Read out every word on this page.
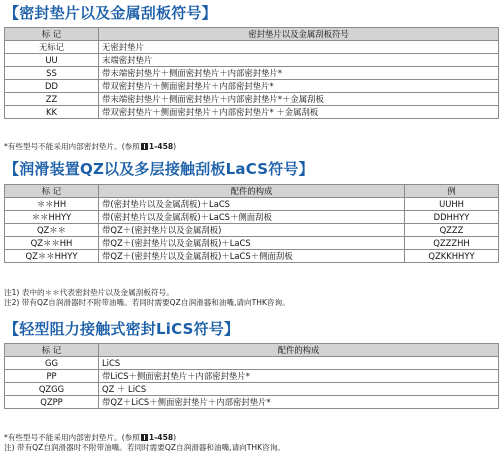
【密封垫片以及金属刮板符号】
标 记	密封垫片以及金属刮板符号
无标记	无密封垫片
UU	末端密封垫片
SS	带末端密封垫片＋侧面密封垫片＋内部密封垫片*
DD	带双密封垫片＋侧面密封垫片＋内部密封垫片*
ZZ	带末端密封垫片＋侧面密封垫片＋内部密封垫片*＋金属刮板
KK	带双密封垫片＋侧面密封垫片＋内部密封垫片* ＋金属刮板
*有些型号不能采用内部密封垫片。(参照 1-458)
【润滑装置QZ以及多层接触刮板LaCS符号】
标 记	配件的构成	例
＊＊HH	带(密封垫片以及金属刮板)＋LaCS	UUHH
＊＊HHYY	带(密封垫片以及金属刮板)＋LaCS＋侧面刮板	DDHHYY
QZ＊＊	带QZ＋(密封垫片以及金属刮板)	QZZZ
QZ＊＊HH	带QZ＋(密封垫片以及金属刮板)＋LaCS	QZZZHH
QZ＊＊HHYY	带QZ＋(密封垫片以及金属刮板)＋LaCS＋侧面刮板	QZKKHHYY
注1) 表中的＊＊代表密封垫片以及金属刮板符号。
注2) 带有QZ自润滑器时不附带油嘴。若同时需要QZ自润滑器和油嘴,请向THK咨询。
【轻型阻力接触式密封LiCS符号】
标 记	配件的构成
GG	LiCS
PP	带LiCS＋侧面密封垫片＋内部密封垫片*
QZGG	QZ ＋ LiCS
QZPP	带QZ＋LiCS＋侧面密封垫片＋内部密封垫片*
*有些型号不能采用内部密封垫片。(参照 1-458)
注) 带有QZ自润滑器时不附带油嘴。若同时需要QZ自润滑器和油嘴,请向THK咨询。
